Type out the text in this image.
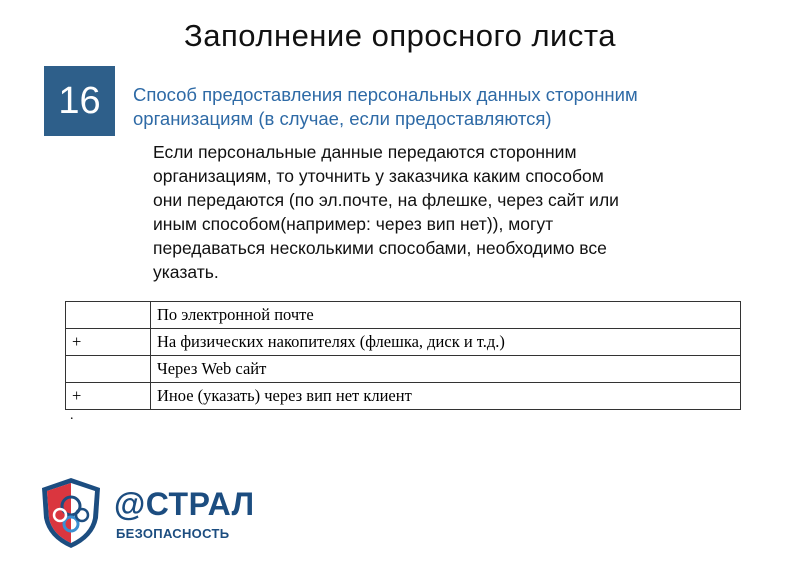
Заполнение опросного листа
16	Способ предоставления персональных данных сторонним
организациям (в случае, если предоставляются)
Если персональные данные передаются сторонним
организациям, то уточнить у заказчика каким способом
они передаются (по эл.почте, на флешке, через сайт или
иным способом(например: через вип нет)), могут
передаваться несколькими способами, необходимо все
указать.
	По электронной почте
+	На физических накопителях (флешка, диск и т.д.)
	Через Web сайт
+	Иное (указать) через вип нет клиент
.
@СТРАЛ
БЕЗОПАСНОСТЬ
